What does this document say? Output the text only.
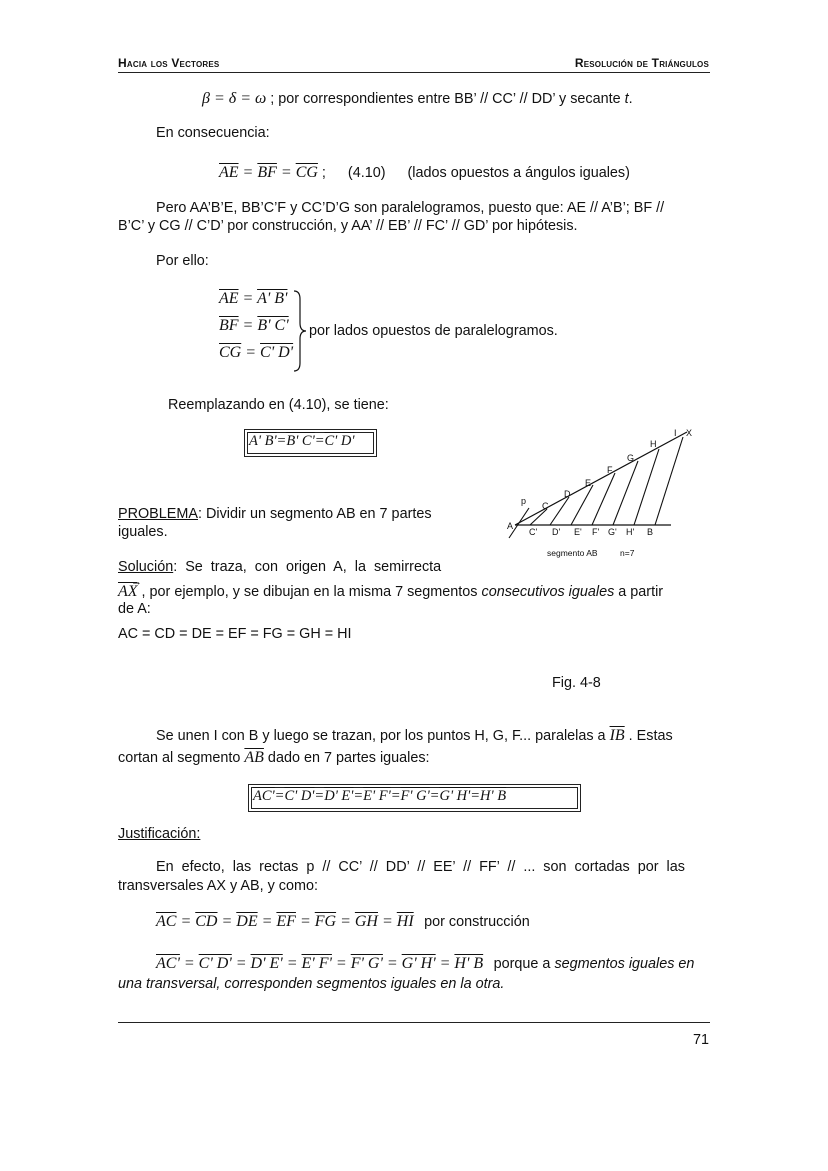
Hacia los Vectores	Resolución de Triángulos
β = δ = ω ; por correspondientes entre BB’ // CC’ // DD’ y secante t.
En consecuencia:
$\overline{AE} = \overline{BF} = \overline{CG}$ ; (4.10) (lados opuestos a ángulos iguales)
Pero AA’B’E, BB’C’F y CC’D’G son paralelogramos, puesto que: AE // A’B’; BF //
B’C’ y CG // C’D’ por construcción, y AA’ // EB’ // FC’ // GD’ por hipótesis.
Por ello:
$\overline{AE} = A'$ B'
$\overline{BF} = B'$ C'
$\overline{CG} = C'$ D'
por lados opuestos de paralelogramos.
Reemplazando en (4.10), se tiene:
A' B'=B' C'=C' D'
PROBLEMA: Dividir un segmento AB en 7 partes
iguales.
p C
D
E
F
G
H
I X
A
C' D' E' F' G' H' B
segmento AB	n=7
Solución:  Se  traza,  con  origen  A,  la  semirrecta
$\overline{AX}$
→
, por ejemplo, y se dibujan en la misma 7 segmentos consecutivos iguales a partir
de A:
AC = CD = DE = EF = FG = GH = HI
Fig. 4-8
Se unen I con B y luego se trazan, por los puntos H, G, F... paralelas a $\overline{IB}$ . Estas
cortan al segmento $\overline{AB}$ dado en 7 partes iguales:
AC'=C' D'=D' E'=E' F'=F' G'=G' H'=H' B
Justificación:
En  efecto,  las  rectas  p  //  CC’  //  DD’  //  EE’  //  FF’  //  ...  son  cortadas  por  las
transversales AX y AB, y como:
$\overline{AC} = \overline{CD} = \overline{DE} = \overline{EF} = \overline{FG} = \overline{GH} = \overline{HI}$ por construcción
AC' = C' D' = D' E' = E' F' = F' G' = G' H' = H' B porque a segmentos iguales en
una transversal, corresponden segmentos iguales en la otra.
71
